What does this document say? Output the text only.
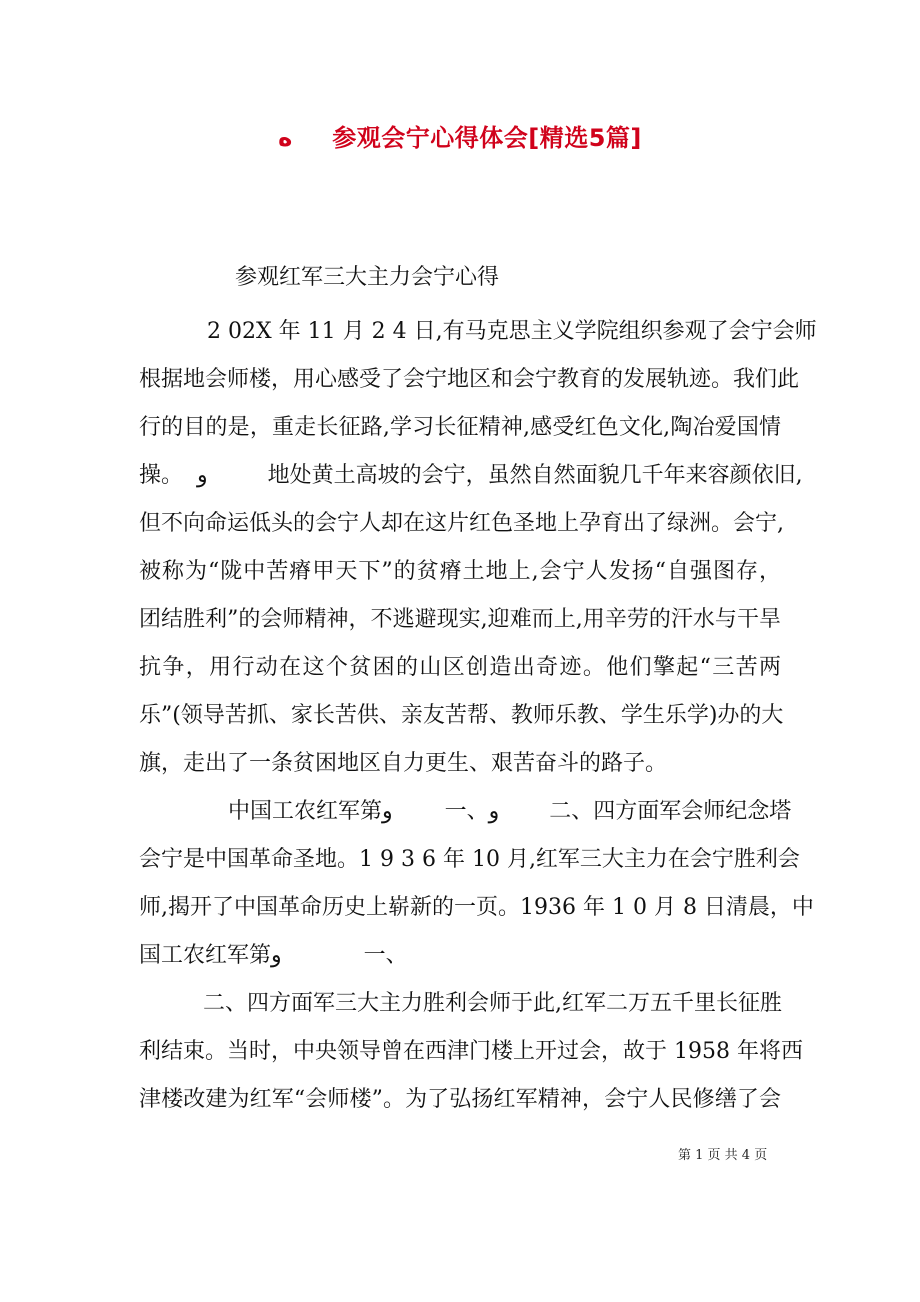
ه 参观会宁心得体会[精选5篇]
参观红军三大主力会宁心得
2 02X 年 11 月 2 4 日,有马克思主义学院组织参观了会宁会师
根据地会师楼，用心感受了会宁地区和会宁教育的发展轨迹。我们此
行的目的是，重走长征路,学习长征精神,感受红色文化,陶冶爱国情
操。 و	地处黄土高坡的会宁，虽然自然面貌几千年来容颜依旧,
但不向命运低头的会宁人却在这片红色圣地上孕育出了绿洲。会宁,
被称为“陇中苦瘠甲天下”的贫瘠土地上,会宁人发扬“自强图存，
团结胜利”的会师精神，不逃避现实,迎难而上,用辛劳的汗水与干旱
抗争，用行动在这个贫困的山区创造出奇迹。他们擎起“三苦两
乐”(领导苦抓、家长苦供、亲友苦帮、教师乐教、学生乐学)办的大
旗，走出了一条贫困地区自力更生、艰苦奋斗的路子。
中国工农红军第و 一、و 二、四方面军会师纪念塔
会宁是中国革命圣地。1 9 3 6 年 10 月,红军三大主力在会宁胜利会
师,揭开了中国革命历史上崭新的一页。1936 年 1 0 月 8 日清晨，中
国工农红军第و	一、
二、四方面军三大主力胜利会师于此,红军二万五千里长征胜
利结束。当时，中央领导曾在西津门楼上开过会，故于 1958 年将西
津楼改建为红军“会师楼”。为了弘扬红军精神，会宁人民修缮了会
第 1 页 共 4 页
